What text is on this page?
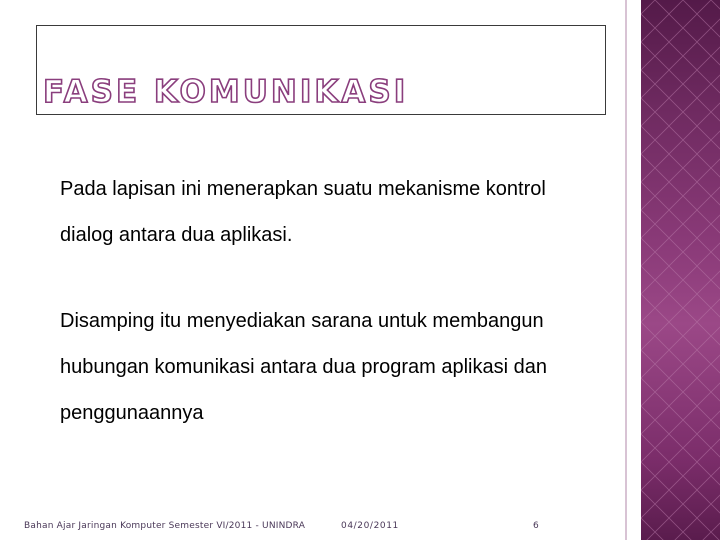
FASE KOMUNIKASI

Pada lapisan ini menerapkan suatu mekanisme kontrol dialog antara dua aplikasi.

Disamping itu menyediakan sarana untuk membangun hubungan komunikasi antara dua program aplikasi dan penggunaannya

Bahan Ajar Jaringan Komputer Semester VI/2011 - UNINDRA	04/20/2011	6
